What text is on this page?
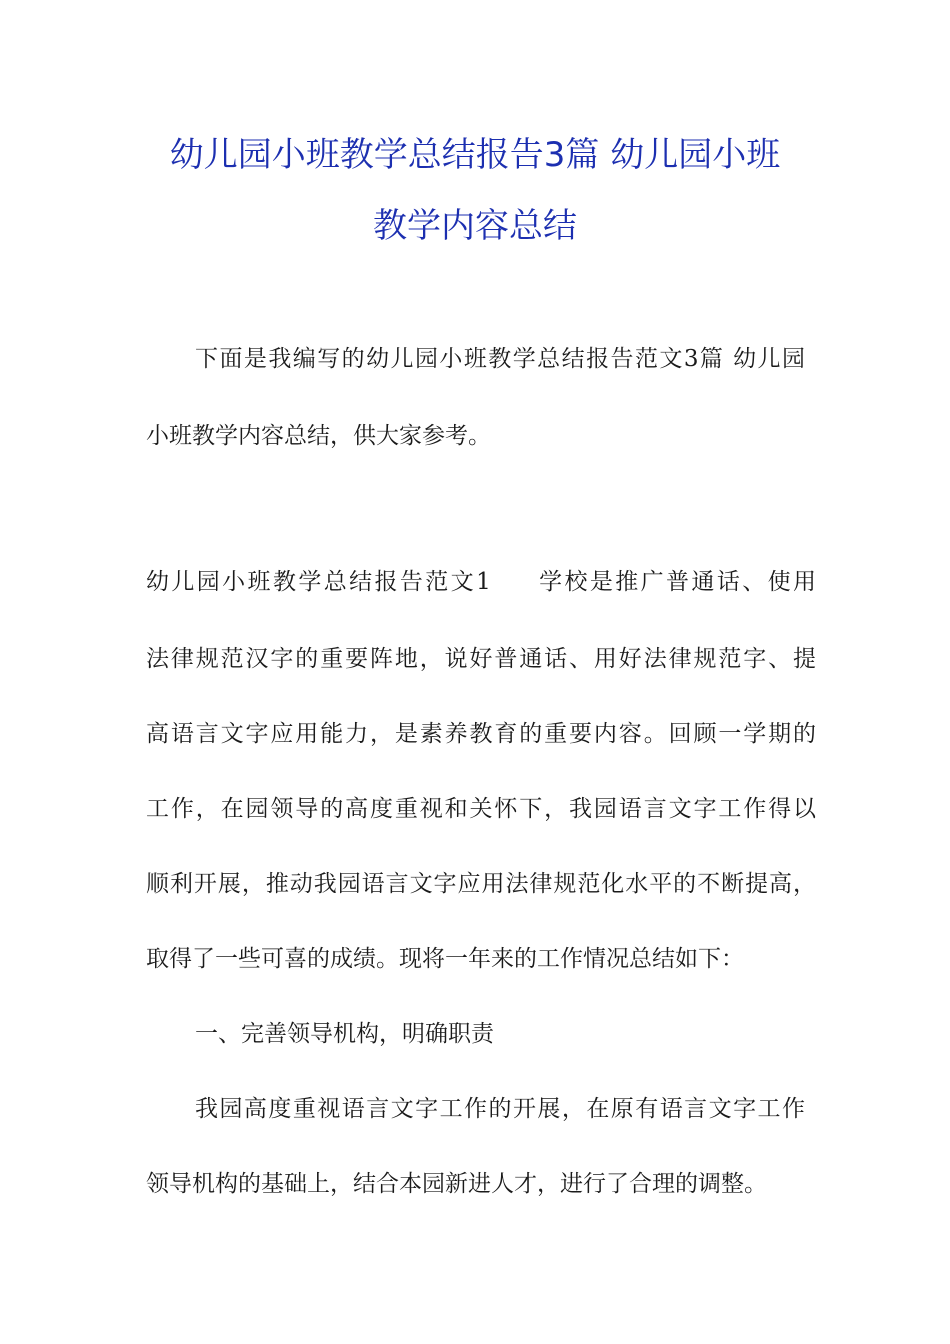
幼儿园小班教学总结报告3篇 幼儿园小班
教学内容总结
下面是我编写的幼儿园小班教学总结报告范文3篇 幼儿园
小班教学内容总结，供大家参考。
幼儿园小班教学总结报告范文1 学校是推广普通话、使用
法律规范汉字的重要阵地，说好普通话、用好法律规范字、提
高语言文字应用能力，是素养教育的重要内容。回顾一学期的
工作，在园领导的高度重视和关怀下，我园语言文字工作得以
顺利开展，推动我园语言文字应用法律规范化水平的不断提高，
取得了一些可喜的成绩。现将一年来的工作情况总结如下：
一、完善领导机构，明确职责
我园高度重视语言文字工作的开展，在原有语言文字工作
领导机构的基础上，结合本园新进人才，进行了合理的调整。
